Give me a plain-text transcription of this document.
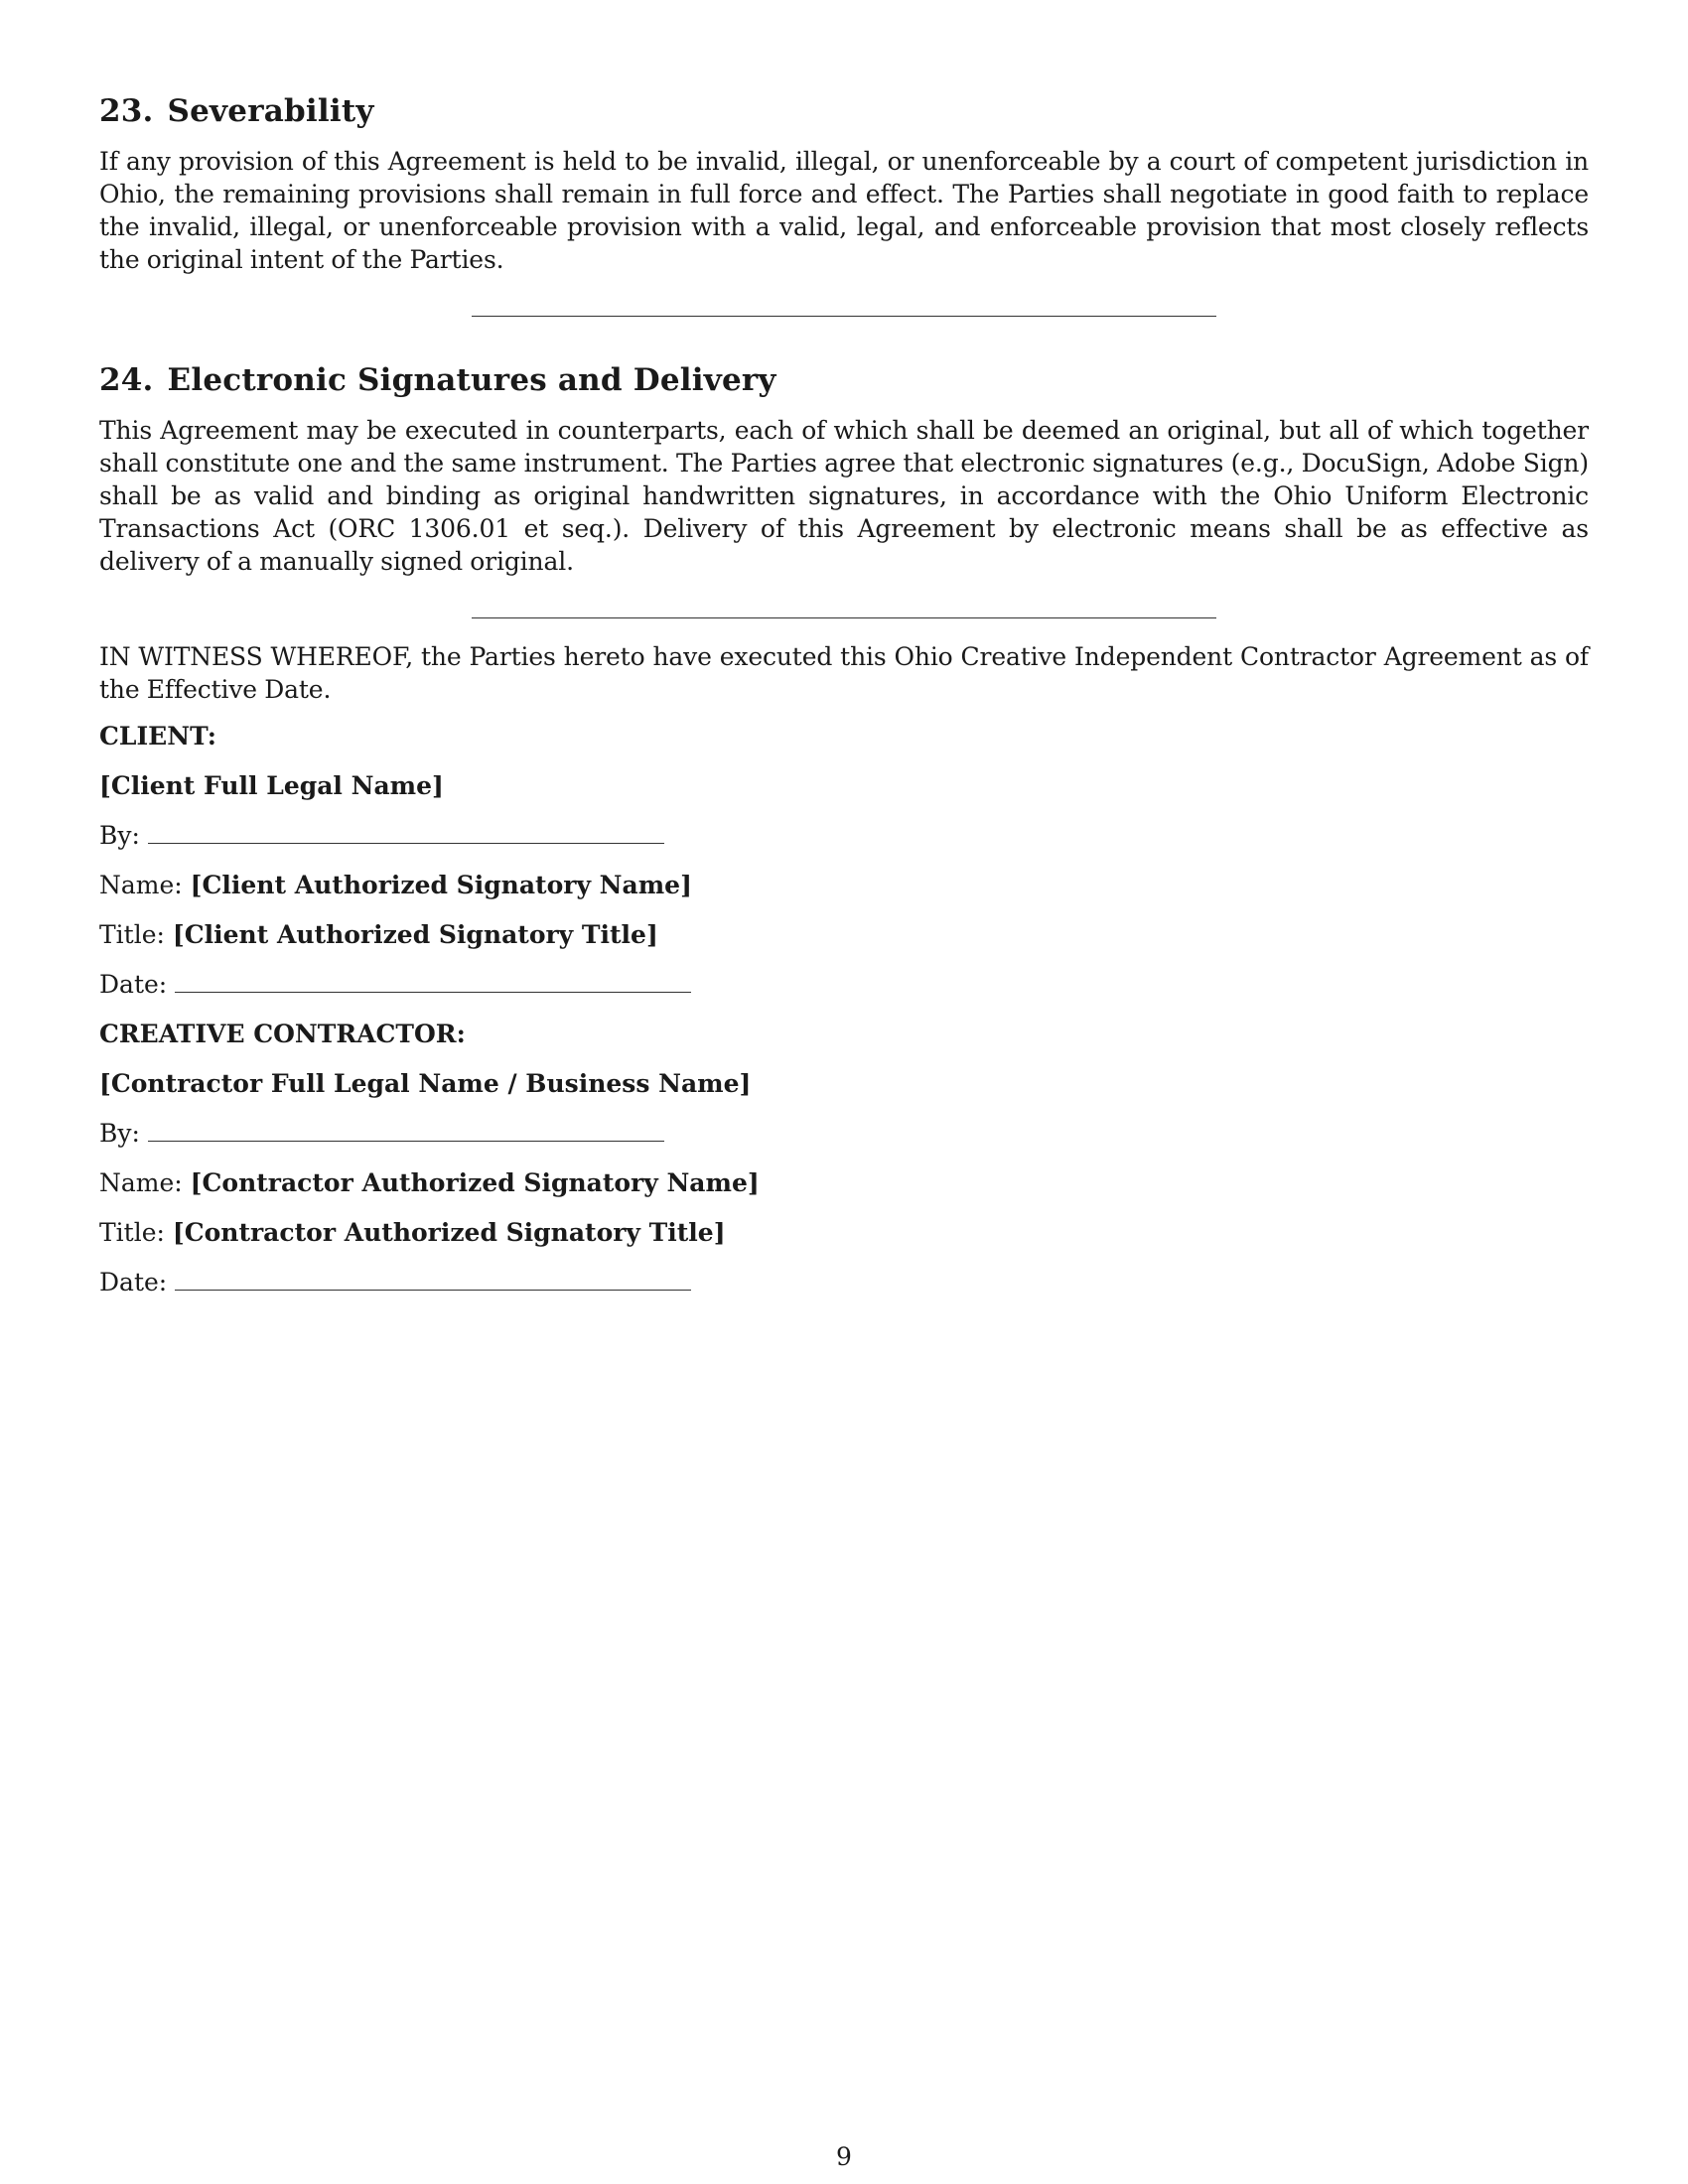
23. Severability

If any provision of this Agreement is held to be invalid, illegal, or unenforceable by a court of competent jurisdiction in Ohio, the remaining provisions shall remain in full force and effect. The Parties shall negotiate in good faith to replace the invalid, illegal, or unenforceable provision with a valid, legal, and enforceable provision that most closely reflects the original intent of the Parties.

24. Electronic Signatures and Delivery

This Agreement may be executed in counterparts, each of which shall be deemed an original, but all of which together shall constitute one and the same instrument. The Parties agree that electronic signatures (e.g., DocuSign, Adobe Sign) shall be as valid and binding as original handwritten signatures, in accordance with the Ohio Uniform Electronic Transactions Act (ORC 1306.01 et seq.). Delivery of this Agreement by electronic means shall be as effective as delivery of a manually signed original.

IN WITNESS WHEREOF, the Parties hereto have executed this Ohio Creative Independent Contractor Agreement as of the Effective Date.

CLIENT:
[Client Full Legal Name]
By:
Name: [Client Authorized Signatory Name]
Title: [Client Authorized Signatory Title]
Date:
CREATIVE CONTRACTOR:
[Contractor Full Legal Name / Business Name]
By:
Name: [Contractor Authorized Signatory Name]
Title: [Contractor Authorized Signatory Title]
Date:
9
